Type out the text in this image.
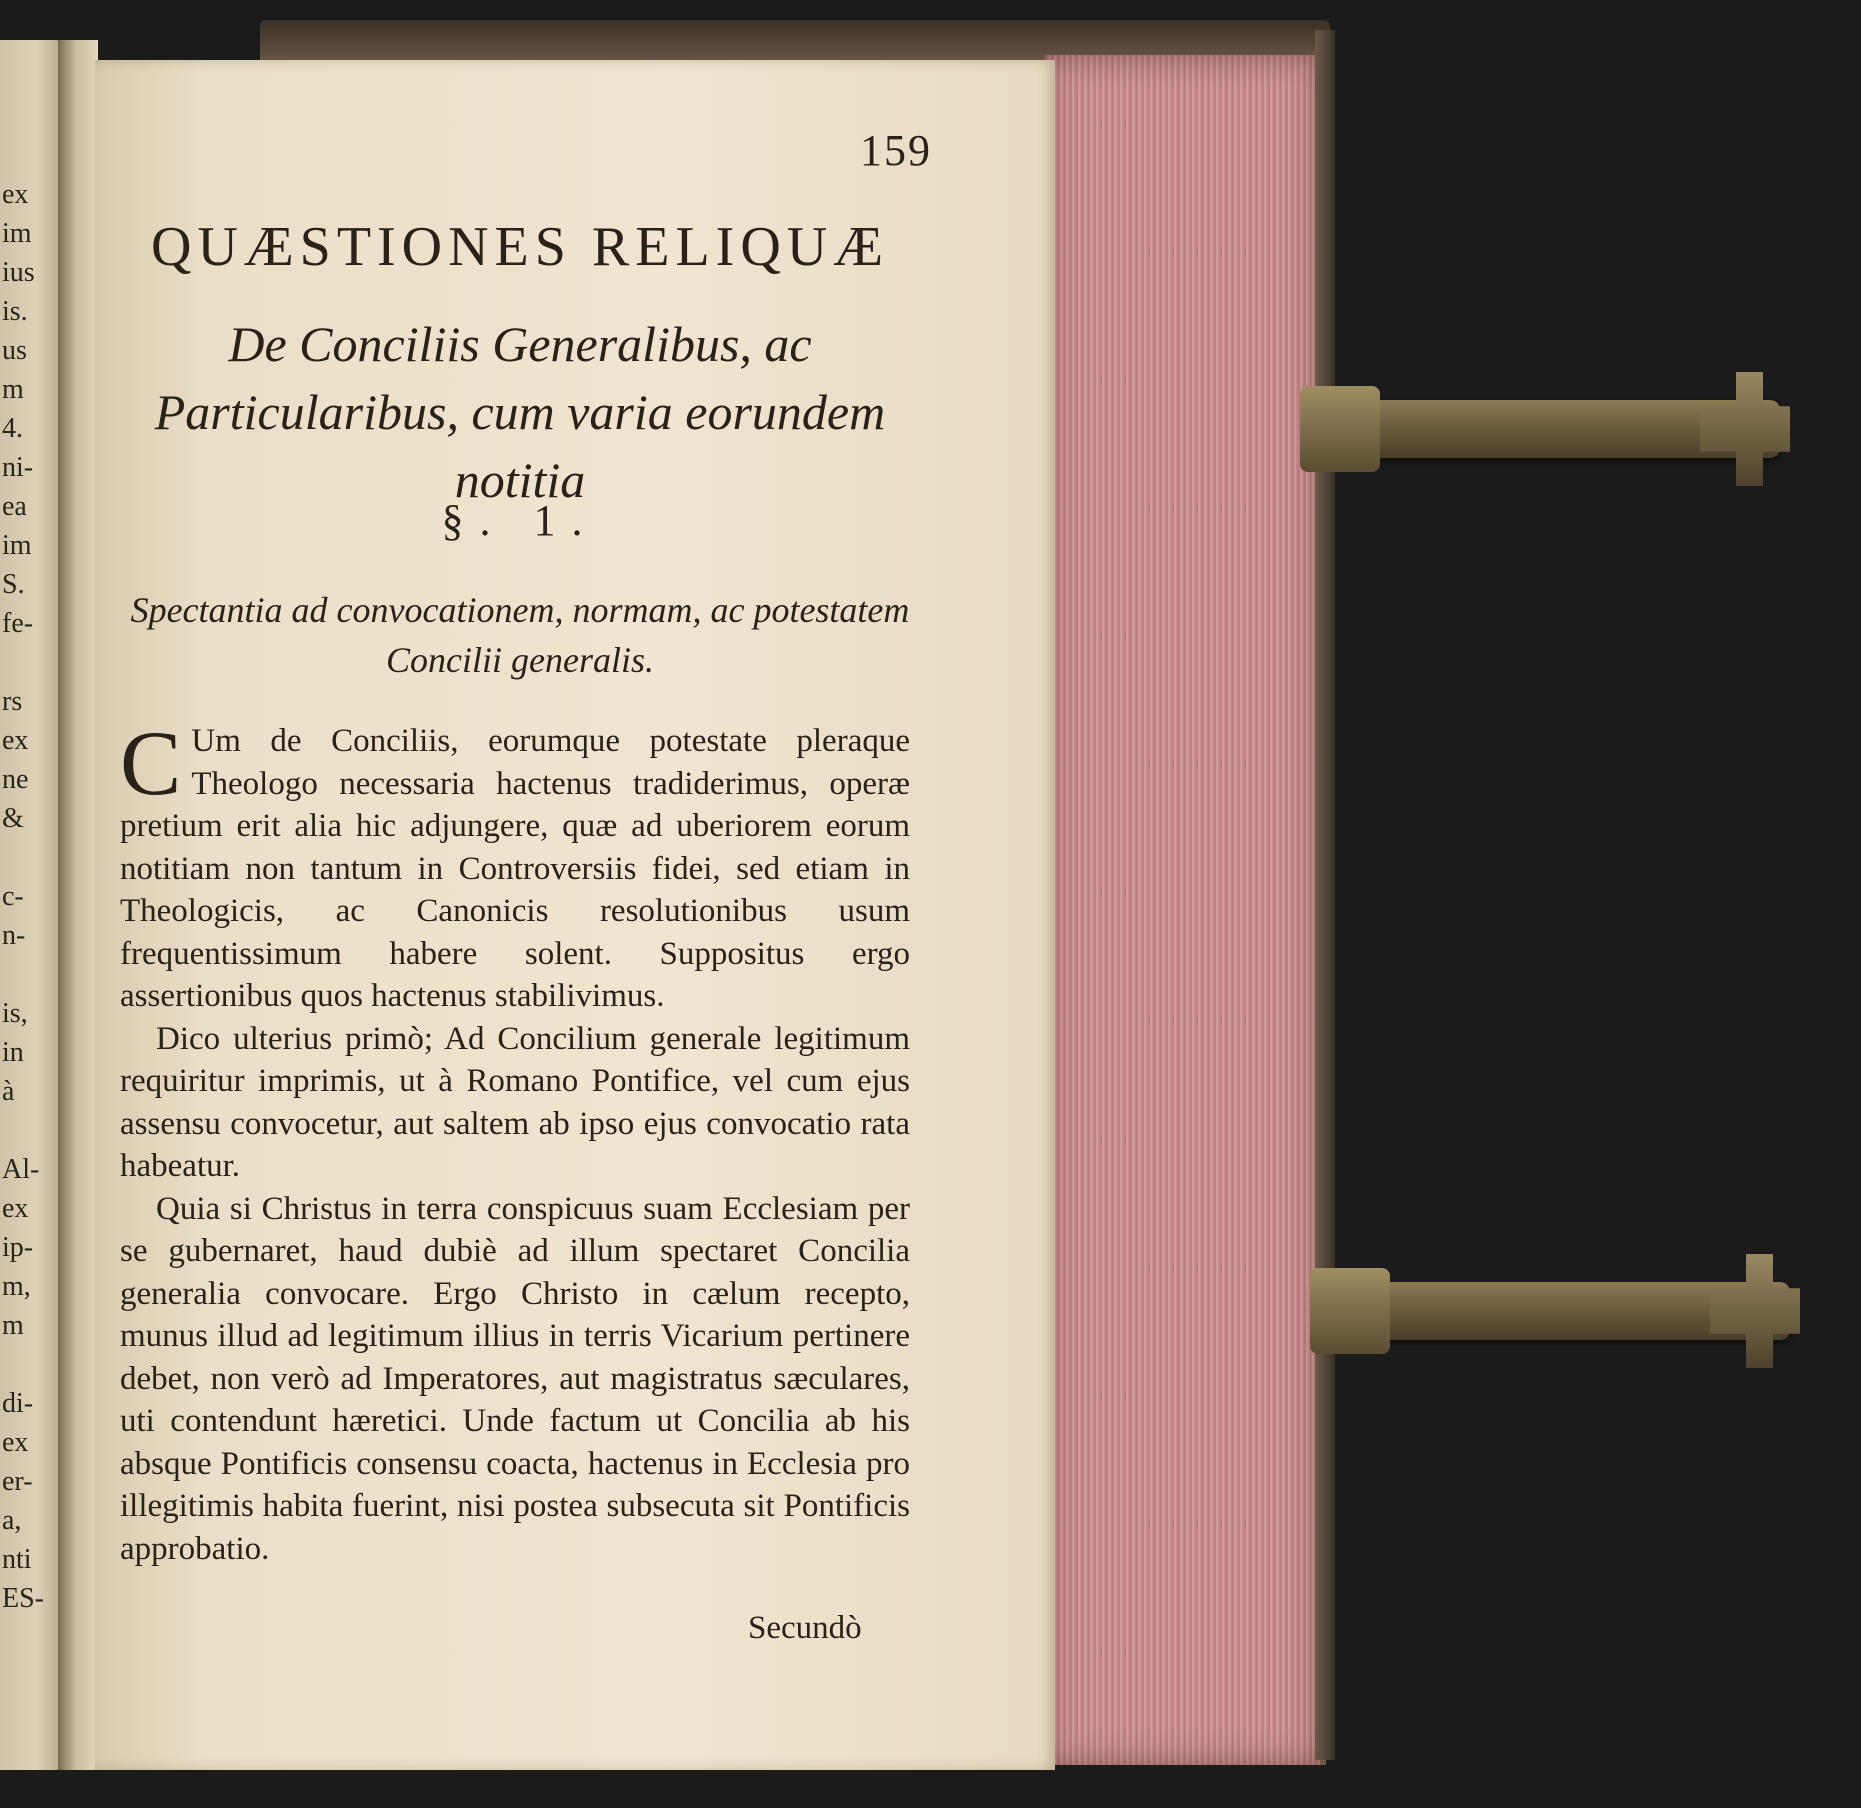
ex
im
ius
is.
us
m
4.
ni-
ea
im
S.
fe-

rs
ex
ne
&

c-
n-

is,
in
à

Al-
ex
ip-
m,
m

di-
ex
er-
a,
nti
ES-
159
QUÆSTIONES RELIQUÆ
De Conciliis Generalibus, ac Particularibus, cum varia eorundem notitia
§. 1.
Spectantia ad convocationem, normam, ac potestatem Concilii generalis.

C Um de Conciliis, eorumque potestate pleraque Theologo necessaria hactenus tradiderimus, operæ pretium erit alia hic adjungere, quæ ad uberiorem eorum notitiam non tantum in Controversiis fidei, sed etiam in Theologicis, ac Canonicis resolutionibus usum frequentissimum habere solent. Suppositus ergo assertionibus quos hactenus stabilivimus.

Dico ulterius primò; Ad Concilium generale legitimum requiritur imprimis, ut à Romano Pontifice, vel cum ejus assensu convocetur, aut saltem ab ipso ejus convocatio rata habeatur.

Quia si Christus in terra conspicuus suam Ecclesiam per se gubernaret, haud dubiè ad illum spectaret Concilia generalia convocare. Ergo Christo in cælum recepto, munus illud ad legitimum illius in terris Vicarium pertinere debet, non verò ad Imperatores, aut magistratus sæculares, uti contendunt hæretici. Unde factum ut Concilia ab his absque Pontificis consensu coacta, hactenus in Ecclesia pro illegitimis habita fuerint, nisi postea subsecuta sit Pontificis approbatio.

Secundò
